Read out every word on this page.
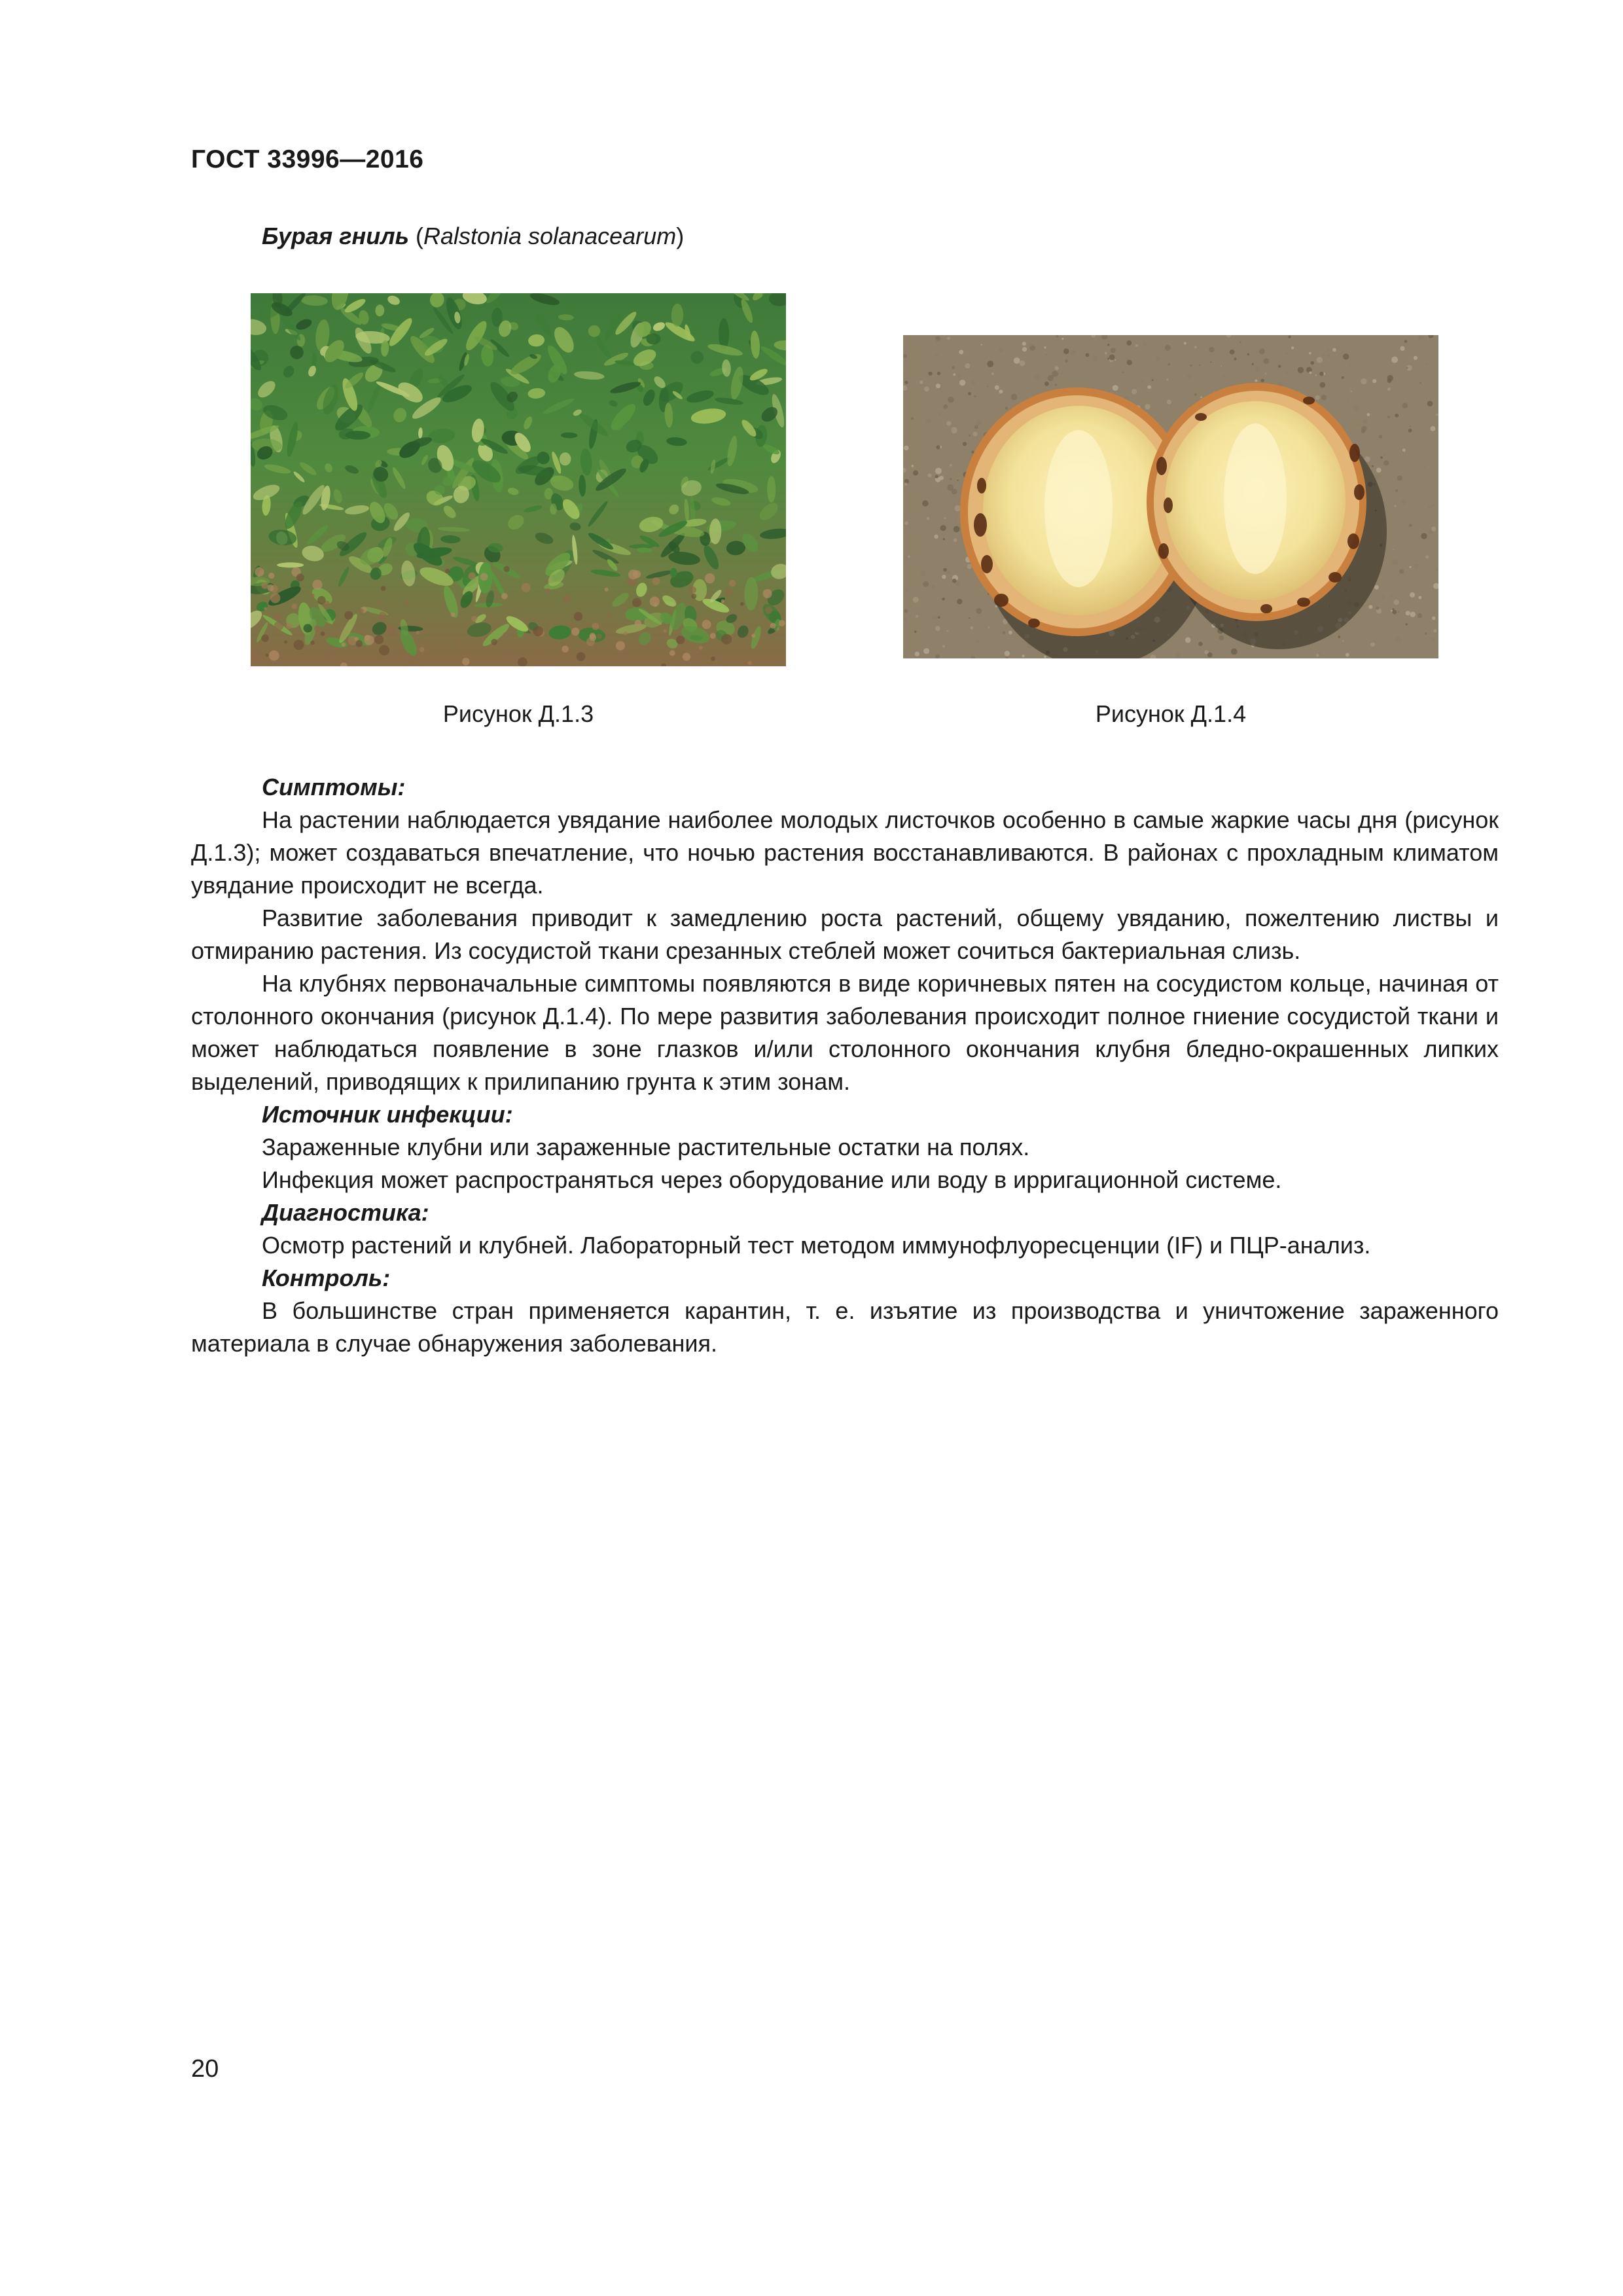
ГОСТ 33996—2016
Бурая гниль (Ralstonia solanacearum)
Рисунок Д.1.3	Рисунок Д.1.4

Симптомы:

На растении наблюдается увядание наиболее молодых листочков особенно в самые жаркие часы дня (рисунок Д.1.3); может создаваться впечатление, что ночью растения восстанавливаются. В районах с прохладным климатом увядание происходит не всегда.

Развитие заболевания приводит к замедлению роста растений, общему увяданию, пожелтению листвы и отмиранию растения. Из сосудистой ткани срезанных стеблей может сочиться бактериальная слизь.

На клубнях первоначальные симптомы появляются в виде коричневых пятен на сосудистом кольце, начиная от столонного окончания (рисунок Д.1.4). По мере развития заболевания происходит полное гниение сосудистой ткани и может наблюдаться появление в зоне глазков и/или столонного окончания клубня бледно-окрашенных липких выделений, приводящих к прилипанию грунта к этим зонам.

Источник инфекции:

Зараженные клубни или зараженные растительные остатки на полях.

Инфекция может распространяться через оборудование или воду в ирригационной системе.

Диагностика:

Осмотр растений и клубней. Лабораторный тест методом иммунофлуоресценции (IF) и ПЦР-анализ.

Контроль:

В большинстве стран применяется карантин, т. е. изъятие из производства и уничтожение зараженного материала в случае обнаружения заболевания.

20
